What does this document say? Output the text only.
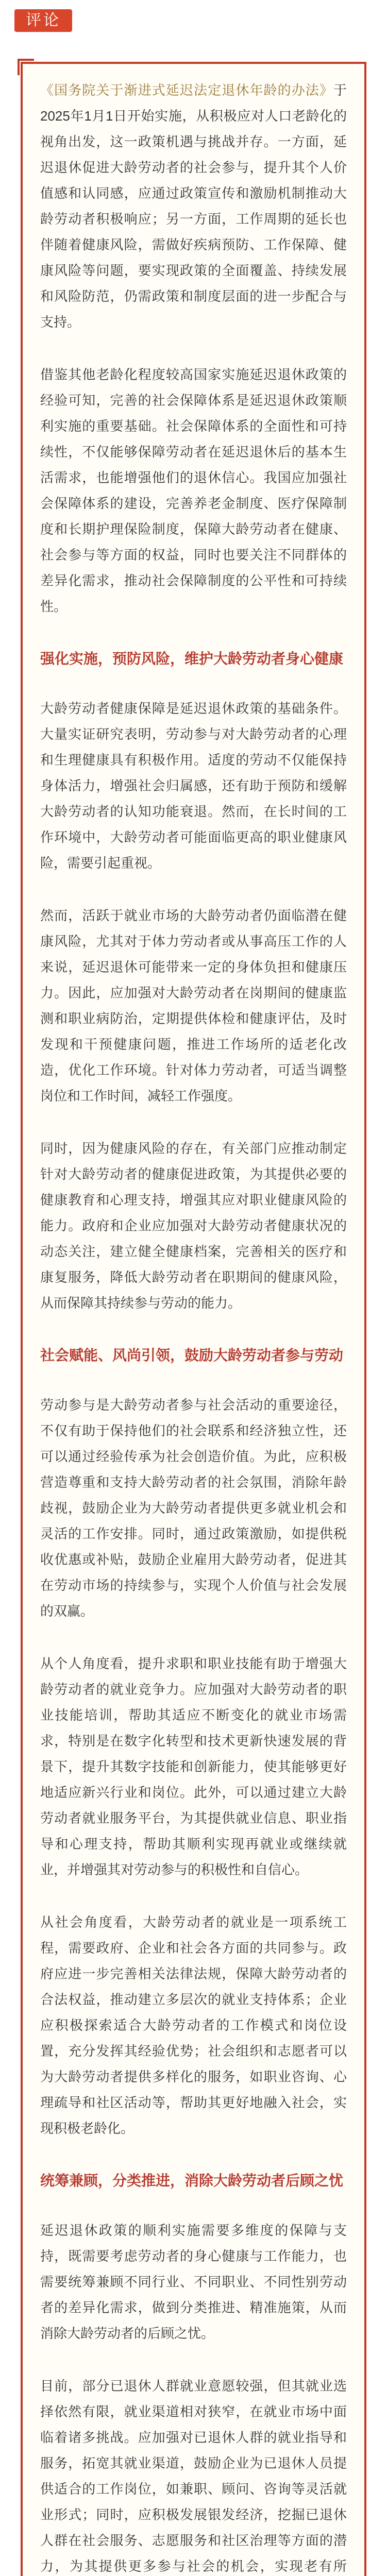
评论

《国务院关于渐进式延迟法定退休年龄的办法》于2025年1月1日开始实施，从积极应对人口老龄化的视角出发，这一政策机遇与挑战并存。一方面，延迟退休促进大龄劳动者的社会参与，提升其个人价值感和认同感，应通过政策宣传和激励机制推动大龄劳动者积极响应；另一方面，工作周期的延长也伴随着健康风险，需做好疾病预防、工作保障、健康风险等问题，要实现政策的全面覆盖、持续发展和风险防范，仍需政策和制度层面的进一步配合与支持。

借鉴其他老龄化程度较高国家实施延迟退休政策的经验可知，完善的社会保障体系是延迟退休政策顺利实施的重要基础。社会保障体系的全面性和可持续性，不仅能够保障劳动者在延迟退休后的基本生活需求，也能增强他们的退休信心。我国应加强社会保障体系的建设，完善养老金制度、医疗保障制度和长期护理保险制度，保障大龄劳动者在健康、社会参与等方面的权益，同时也要关注不同群体的差异化需求，推动社会保障制度的公平性和可持续性。

强化实施，预防风险，维护大龄劳动者身心健康

大龄劳动者健康保障是延迟退休政策的基础条件。大量实证研究表明，劳动参与对大龄劳动者的心理和生理健康具有积极作用。适度的劳动不仅能保持身体活力，增强社会归属感，还有助于预防和缓解大龄劳动者的认知功能衰退。然而，在长时间的工作环境中，大龄劳动者可能面临更高的职业健康风险，需要引起重视。

然而，活跃于就业市场的大龄劳动者仍面临潜在健康风险，尤其对于体力劳动者或从事高压工作的人来说，延迟退休可能带来一定的身体负担和健康压力。因此，应加强对大龄劳动者在岗期间的健康监测和职业病防治，定期提供体检和健康评估，及时发现和干预健康问题，推进工作场所的适老化改造，优化工作环境。针对体力劳动者，可适当调整岗位和工作时间，减轻工作强度。

同时，因为健康风险的存在，有关部门应推动制定针对大龄劳动者的健康促进政策，为其提供必要的健康教育和心理支持，增强其应对职业健康风险的能力。政府和企业应加强对大龄劳动者健康状况的动态关注，建立健全健康档案，完善相关的医疗和康复服务，降低大龄劳动者在职期间的健康风险，从而保障其持续参与劳动的能力。

社会赋能、风尚引领，鼓励大龄劳动者参与劳动

劳动参与是大龄劳动者参与社会活动的重要途径，不仅有助于保持他们的社会联系和经济独立性，还可以通过经验传承为社会创造价值。为此，应积极营造尊重和支持大龄劳动者的社会氛围，消除年龄歧视，鼓励企业为大龄劳动者提供更多就业机会和灵活的工作安排。同时，通过政策激励，如提供税收优惠或补贴，鼓励企业雇用大龄劳动者，促进其在劳动市场的持续参与，实现个人价值与社会发展的双赢。

从个人角度看，提升求职和职业技能有助于增强大龄劳动者的就业竞争力。应加强对大龄劳动者的职业技能培训，帮助其适应不断变化的就业市场需求，特别是在数字化转型和技术更新快速发展的背景下，提升其数字技能和创新能力，使其能够更好地适应新兴行业和岗位。此外，可以通过建立大龄劳动者就业服务平台，为其提供就业信息、职业指导和心理支持，帮助其顺利实现再就业或继续就业，并增强其对劳动参与的积极性和自信心。

从社会角度看，大龄劳动者的就业是一项系统工程，需要政府、企业和社会各方面的共同参与。政府应进一步完善相关法律法规，保障大龄劳动者的合法权益，推动建立多层次的就业支持体系；企业应积极探索适合大龄劳动者的工作模式和岗位设置，充分发挥其经验优势；社会组织和志愿者可以为大龄劳动者提供多样化的服务，如职业咨询、心理疏导和社区活动等，帮助其更好地融入社会，实现积极老龄化。

统筹兼顾，分类推进，消除大龄劳动者后顾之忧

延迟退休政策的顺利实施需要多维度的保障与支持，既需要考虑劳动者的身心健康与工作能力，也需要统筹兼顾不同行业、不同职业、不同性别劳动者的差异化需求，做到分类推进、精准施策，从而消除大龄劳动者的后顾之忧。

目前，部分已退休人群就业意愿较强，但其就业选择依然有限，就业渠道相对狭窄，在就业市场中面临着诸多挑战。应加强对已退休人群的就业指导和服务，拓宽其就业渠道，鼓励企业为已退休人员提供适合的工作岗位，如兼职、顾问、咨询等灵活就业形式；同时，应积极发展银发经济，挖掘已退休人群在社会服务、志愿服务和社区治理等方面的潜力，为其提供更多参与社会的机会，实现老有所
